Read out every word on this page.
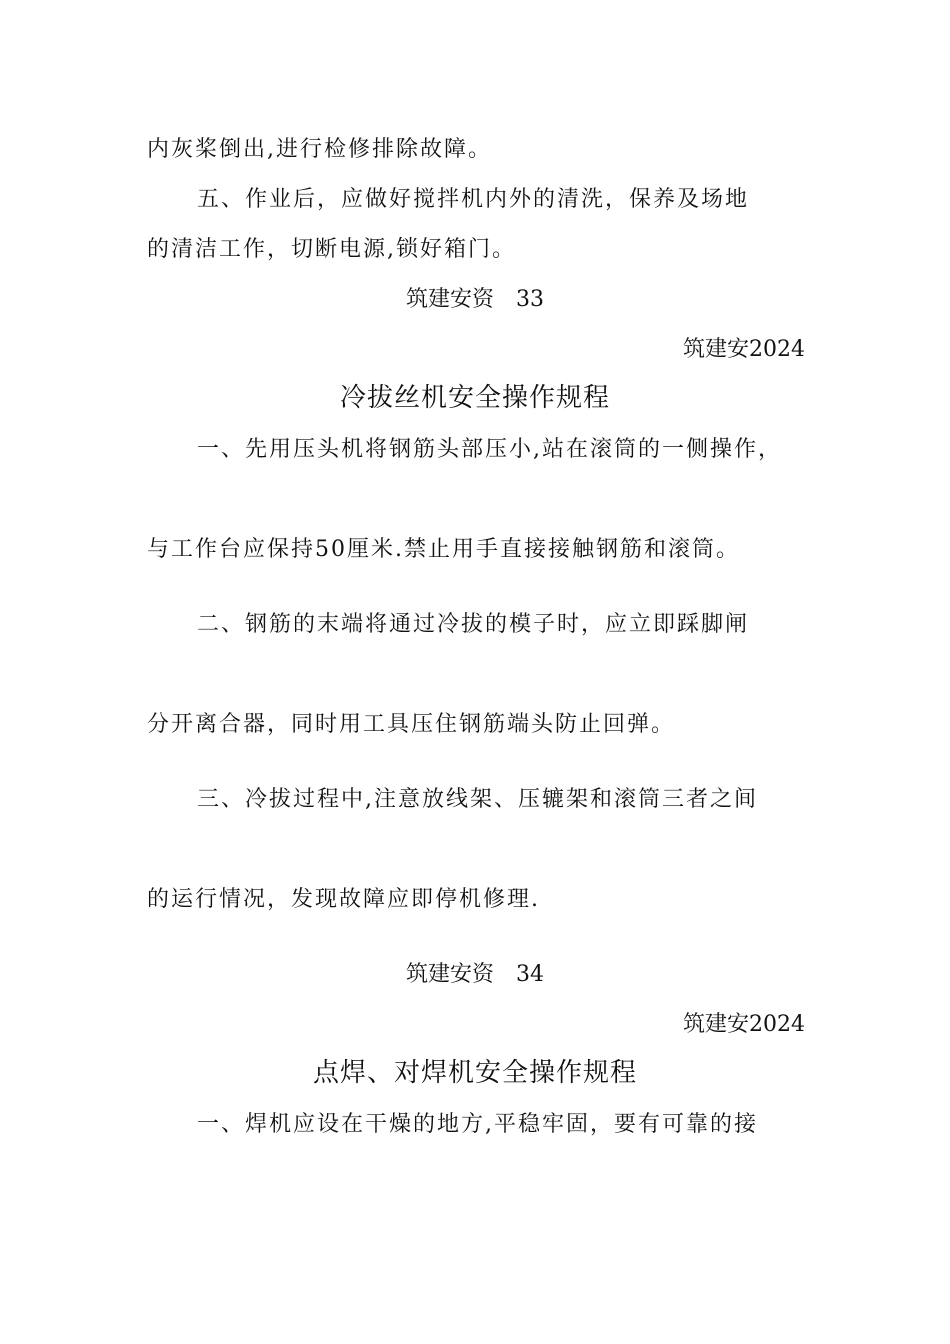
内灰桨倒出,进行检修排除故障。
五、作业后，应做好搅拌机内外的清洗，保养及场地
的清洁工作，切断电源,锁好箱门。
筑建安资　33
筑建安2024
冷拔丝机安全操作规程
一、先用压头机将钢筋头部压小,站在滚筒的一侧操作，
与工作台应保持50厘米.禁止用手直接接触钢筋和滚筒。
二、钢筋的末端将通过冷拔的模子时，应立即踩脚闸
分开离合器，同时用工具压住钢筋端头防止回弹。
三、冷拔过程中,注意放线架、压辘架和滚筒三者之间
的运行情况，发现故障应即停机修理.
筑建安资　34
筑建安2024
点焊、对焊机安全操作规程
一、焊机应设在干燥的地方,平稳牢固，要有可靠的接
